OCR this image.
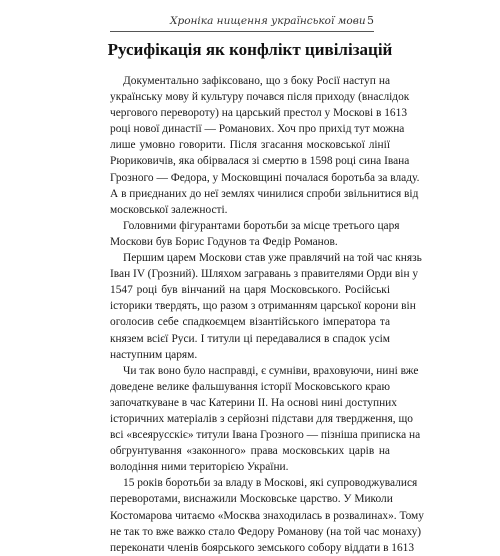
Хроніка нищення української мови 5
Русифікація як конфлікт цивілізацій
Документально зафіксовано, що з боку Росії наступ на
українську мову й культуру почався після приходу (внаслідок
чергового перевороту) на царський престол у Москові в 1613
році нової династії — Романових. Хоч про прихід тут можна
лише умовно говорити. Після згасання московської лінії
Рюриковичів, яка обірвалася зі смертю в 1598 році сина Івана
Грозного — Федора, у Московщині почалася боротьба за владу.
А в приєднаних до неї землях чинилися спроби звільнитися від
московської залежності.
Головними фігурантами боротьби за місце третього царя
Москови був Борис Годунов та Федір Романов.
Першим царем Москови став уже правлячий на той час князь
Іван IV (Грозний). Шляхом загравань з правителями Орди він у
1547 році був вінчаний на царя Московського. Російські
історики твердять, що разом з отриманням царської корони він
оголосив себе спадкоємцем візантійського імператора та
князем всієї Руси. І титули ці передавалися в спадок усім
наступним царям.
Чи так воно було насправді, є сумніви, враховуючи, нині вже
доведене велике фальшування історії Московського краю
започаткуване в час Катерини II. На основі нині доступних
історичних матеріалів з серйозні підстави для твердження, що
всі «всеярусскіє» титули Івана Грозного — пізніша приписка на
обгрунтування «законного» права московських царів на
володіння ними територією України.
15 років боротьби за владу в Москові, які супроводжувалися
переворотами, виснажили Московське царство. У Миколи
Костомарова читаємо «Москва знаходилась в розвалинах». Тому
не так то вже важко стало Федору Романову (на той час монаху)
переконати членів боярського земського собору віддати в 1613
